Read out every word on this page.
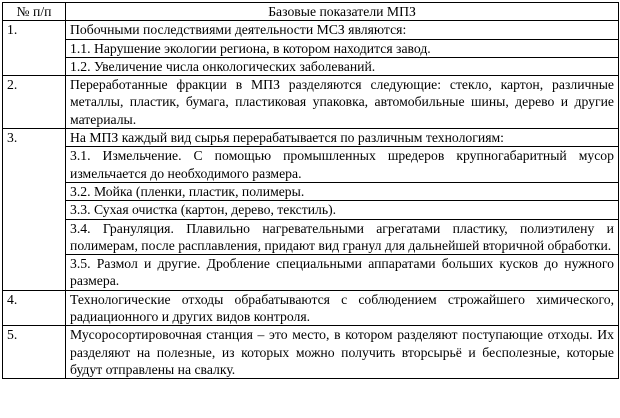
№ п/п	Базовые показатели МПЗ
1.	Побочными последствиями деятельности МСЗ являются:
	1.1. Нарушение экологии региона, в котором находится завод.
	1.2. Увеличение числа онкологических заболеваний.
2.	Переработанные фракции в МПЗ разделяются следующие: стекло, картон, различные металлы, пластик, бумага, пластиковая упаковка, автомобильные шины, дерево и другие материалы.
3.	На МПЗ каждый вид сырья перерабатывается по различным технологиям:
	3.1. Измельчение. С помощью промышленных шредеров крупногабаритный мусор измельчается до необходимого размера.
	3.2. Мойка (пленки, пластик, полимеры.
	3.3. Сухая очистка (картон, дерево, текстиль).
	3.4. Грануляция. Плавильно нагревательными агрегатами пластику, полиэтилену и полимерам, после расплавления, придают вид гранул для дальнейшей вторичной обработки.
	3.5. Размол и другие. Дробление специальными аппаратами больших кусков до нужного размера.
4.	Технологические отходы обрабатываются с соблюдением строжайшего химического, радиационного и других видов контроля.
5.	Мусоросортировочная станция – это место, в котором разделяют поступающие отходы. Их разделяют на полезные, из которых можно получить вторсырьё и бесполезные, которые будут отправлены на свалку.
